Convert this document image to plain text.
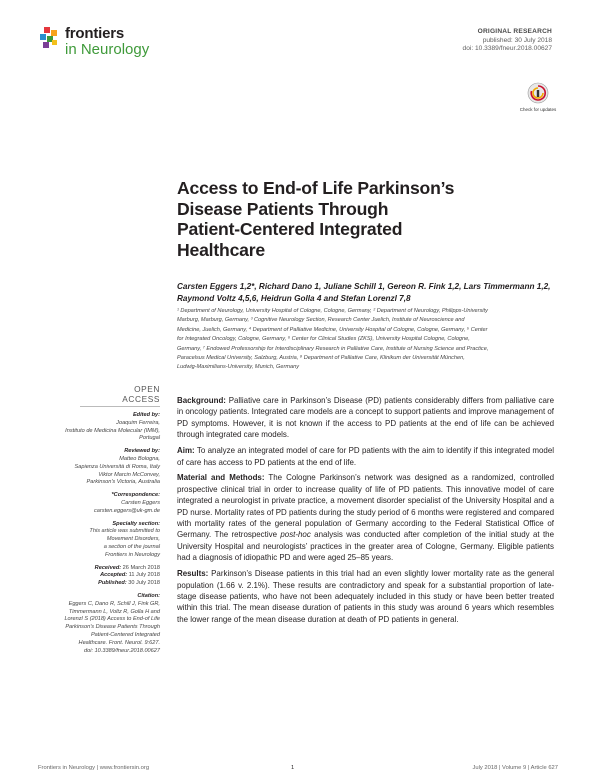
frontiers
in Neurology
ORIGINAL RESEARCH
published: 30 July 2018
doi: 10.3389/fneur.2018.00627
Check for updates
Access to End-of Life Parkinson’s
Disease Patients Through
Patient-Centered Integrated
Healthcare
Carsten Eggers 1,2*, Richard Dano 1, Juliane Schill 1, Gereon R. Fink 1,2, Lars Timmermann 1,2,
Raymond Voltz 4,5,6, Heidrun Golla 4 and Stefan Lorenzl 7,8
¹ Department of Neurology, University Hospital of Cologne, Cologne, Germany, ² Department of Neurology, Philipps-University
Marburg, Marburg, Germany, ³ Cognitive Neurology Section, Research Center Juelich, Institute of Neuroscience and
Medicine, Juelich, Germany, ⁴ Department of Palliative Medicine, University Hospital of Cologne, Cologne, Germany, ⁵ Center
for Integrated Oncology, Cologne, Germany, ⁶ Center for Clinical Studies (ZKS), University Hospital Cologne, Cologne,
Germany, ⁷ Endowed Professorship for Interdisciplinary Research in Palliative Care, Institute of Nursing Science and Practice,
Paracelsus Medical University, Salzburg, Austria, ⁸ Department of Palliative Care, Klinikum der Universität München,
Ludwig-Maximilians-University, Munich, Germany
OPEN ACCESS
Edited by:
Joaquim Ferreira,
Instituto de Medicina Molecular (IMM),
Portugal
Reviewed by:
Matteo Bologna,
Sapienza Università di Roma, Italy
Viktor Marcin McConvey,
Parkinson's Victoria, Australia
*Correspondence:
Carsten Eggers
carsten.eggers@uk-gm.de
Specialty section:
This article was submitted to
Movement Disorders,
a section of the journal
Frontiers in Neurology
Received: 26 March 2018
Accepted: 11 July 2018
Published: 30 July 2018
Citation:
Eggers C, Dano R, Schill J, Fink GR,
Timmermann L, Voltz R, Golla H and
Lorenzl S (2018) Access to End-of Life
Parkinson's Disease Patients Through
Patient-Centered Integrated
Healthcare. Front. Neurol. 9:627.
doi: 10.3389/fneur.2018.00627

Background: Palliative care in Parkinson’s Disease (PD) patients considerably differs from palliative care in oncology patients. Integrated care models are a concept to support patients and improve management of PD symptoms. However, it is not known if the access to PD patients at the end of life can be achieved through integrated care models.

Aim: To analyze an integrated model of care for PD patients with the aim to identify if this integrated model of care has access to PD patients at the end of life.

Material and Methods: The Cologne Parkinson’s network was designed as a randomized, controlled prospective clinical trial in order to increase quality of life of PD patients. This innovative model of care integrated a neurologist in private practice, a movement disorder specialist of the University Hospital and a PD nurse. Mortality rates of PD patients during the study period of 6 months were registered and compared with mortality rates of the general population of Germany according to the Federal Statistical Office of Germany. The retrospective post-hoc analysis was conducted after completion of the initial study at the University Hospital and neurologists’ practices in the greater area of Cologne, Germany. Eligible patients had a diagnosis of idiopathic PD and were aged 25–85 years.

Results: Parkinson’s Disease patients in this trial had an even slightly lower mortality rate as the general population (1.66 v. 2.1%). These results are contradictory and speak for a substantial proportion of late-stage disease patients, who have not been adequately included in this study or have been better treated within this trial. The mean disease duration of patients in this study was around 6 years which resembles the lower range of the mean disease duration at death of PD patients in general.

Frontiers in Neurology | www.frontiersin.org	1	July 2018 | Volume 9 | Article 627
